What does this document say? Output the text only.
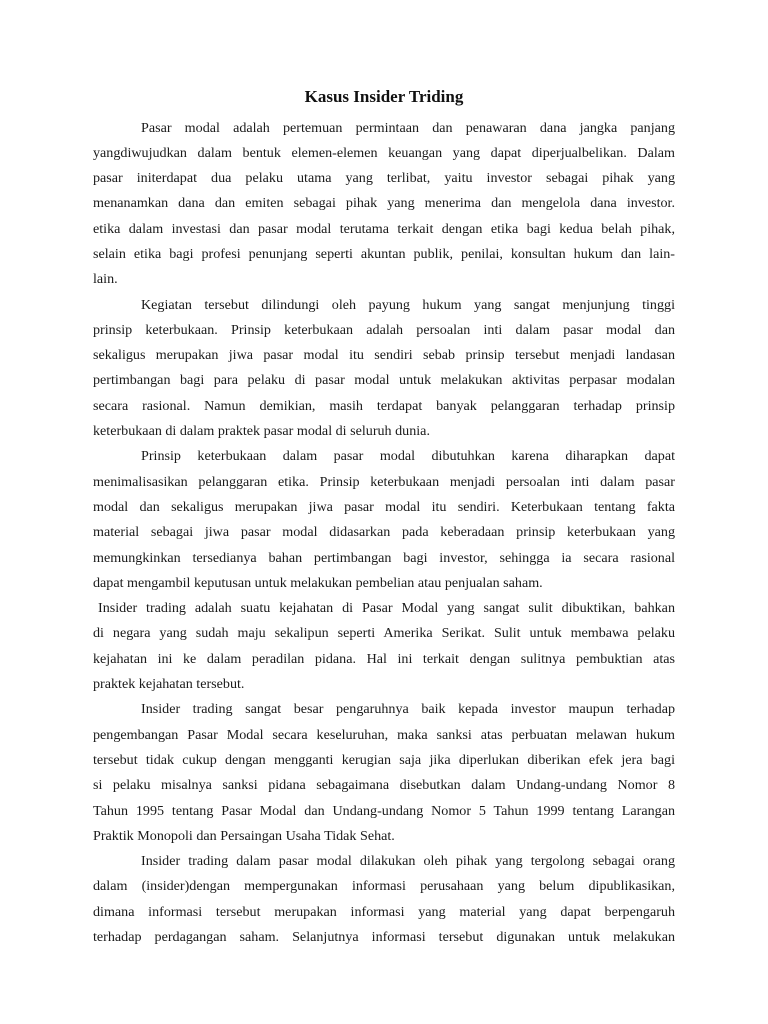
Kasus Insider Triding
Pasar modal adalah pertemuan permintaan dan penawaran dana jangka panjang
yangdiwujudkan dalam bentuk elemen-elemen keuangan yang dapat diperjualbelikan. Dalam
pasar initerdapat dua pelaku utama yang terlibat, yaitu investor sebagai pihak yang
menanamkan dana dan emiten sebagai pihak yang menerima dan mengelola dana investor.
etika dalam investasi dan pasar modal terutama terkait dengan etika bagi kedua belah pihak,
selain etika bagi profesi penunjang seperti akuntan publik, penilai, konsultan hukum dan lain-
lain.
Kegiatan tersebut dilindungi oleh payung hukum yang sangat menjunjung tinggi
prinsip keterbukaan. Prinsip keterbukaan adalah persoalan inti dalam pasar modal dan
sekaligus merupakan jiwa pasar modal itu sendiri sebab prinsip tersebut menjadi landasan
pertimbangan bagi para pelaku di pasar modal untuk melakukan aktivitas perpasar modalan
secara rasional. Namun demikian, masih terdapat banyak pelanggaran terhadap prinsip
keterbukaan di dalam praktek pasar modal di seluruh dunia.
Prinsip keterbukaan dalam pasar modal dibutuhkan karena diharapkan dapat
menimalisasikan pelanggaran etika. Prinsip keterbukaan menjadi persoalan inti dalam pasar
modal dan sekaligus merupakan jiwa pasar modal itu sendiri. Keterbukaan tentang fakta
material sebagai jiwa pasar modal didasarkan pada keberadaan prinsip keterbukaan yang
memungkinkan tersedianya bahan pertimbangan bagi investor, sehingga ia secara rasional
dapat mengambil keputusan untuk melakukan pembelian atau penjualan saham.
Insider trading adalah suatu kejahatan di Pasar Modal yang sangat sulit dibuktikan, bahkan
di negara yang sudah maju sekalipun seperti Amerika Serikat. Sulit untuk membawa pelaku
kejahatan ini ke dalam peradilan pidana. Hal ini terkait dengan sulitnya pembuktian atas
praktek kejahatan tersebut.
Insider trading sangat besar pengaruhnya baik kepada investor maupun terhadap
pengembangan Pasar Modal secara keseluruhan, maka sanksi atas perbuatan melawan hukum
tersebut tidak cukup dengan mengganti kerugian saja jika diperlukan diberikan efek jera bagi
si pelaku misalnya sanksi pidana sebagaimana disebutkan dalam Undang-undang Nomor 8
Tahun 1995 tentang Pasar Modal dan Undang-undang Nomor 5 Tahun 1999 tentang Larangan
Praktik Monopoli dan Persaingan Usaha Tidak Sehat.
Insider trading dalam pasar modal dilakukan oleh pihak yang tergolong sebagai orang
dalam (insider)dengan mempergunakan informasi perusahaan yang belum dipublikasikan,
dimana informasi tersebut merupakan informasi yang material yang dapat berpengaruh
terhadap perdagangan saham. Selanjutnya informasi tersebut digunakan untuk melakukan
